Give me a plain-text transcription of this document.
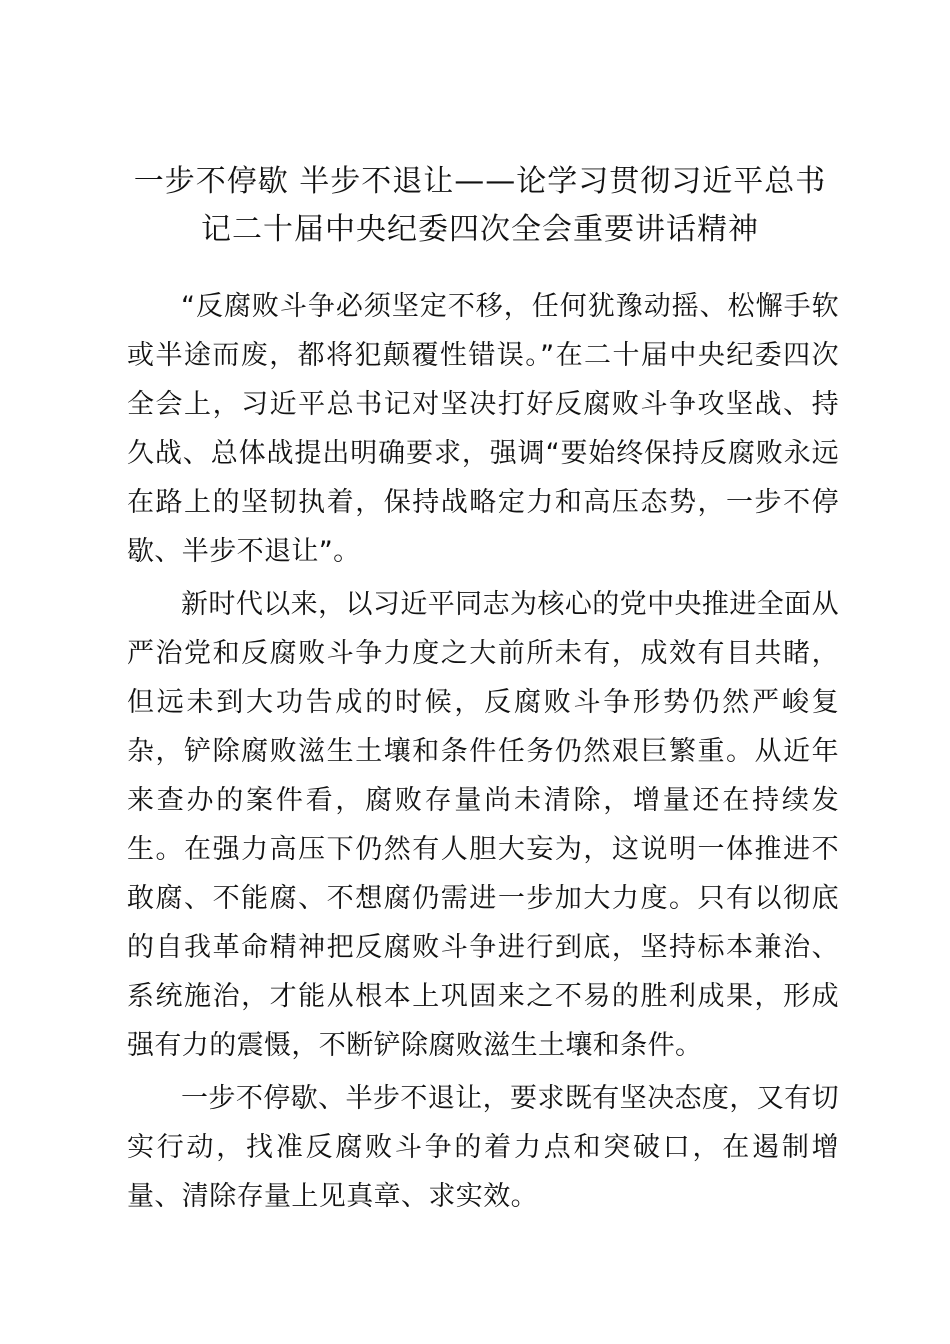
一步不停歇 半步不退让——论学习贯彻习近平总书记二十届中央纪委四次全会重要讲话精神

“反腐败斗争必须坚定不移，任何犹豫动摇、松懈手软或半途而废，都将犯颠覆性错误。”在二十届中央纪委四次全会上，习近平总书记对坚决打好反腐败斗争攻坚战、持久战、总体战提出明确要求，强调“要始终保持反腐败永远在路上的坚韧执着，保持战略定力和高压态势，一步不停歇、半步不退让”。

新时代以来，以习近平同志为核心的党中央推进全面从严治党和反腐败斗争力度之大前所未有，成效有目共睹，但远未到大功告成的时候，反腐败斗争形势仍然严峻复杂，铲除腐败滋生土壤和条件任务仍然艰巨繁重。从近年来查办的案件看，腐败存量尚未清除，增量还在持续发生。在强力高压下仍然有人胆大妄为，这说明一体推进不敢腐、不能腐、不想腐仍需进一步加大力度。只有以彻底的自我革命精神把反腐败斗争进行到底，坚持标本兼治、系统施治，才能从根本上巩固来之不易的胜利成果，形成强有力的震慑，不断铲除腐败滋生土壤和条件。

一步不停歇、半步不退让，要求既有坚决态度，又有切实行动，找准反腐败斗争的着力点和突破口，在遏制增量、清除存量上见真章、求实效。
